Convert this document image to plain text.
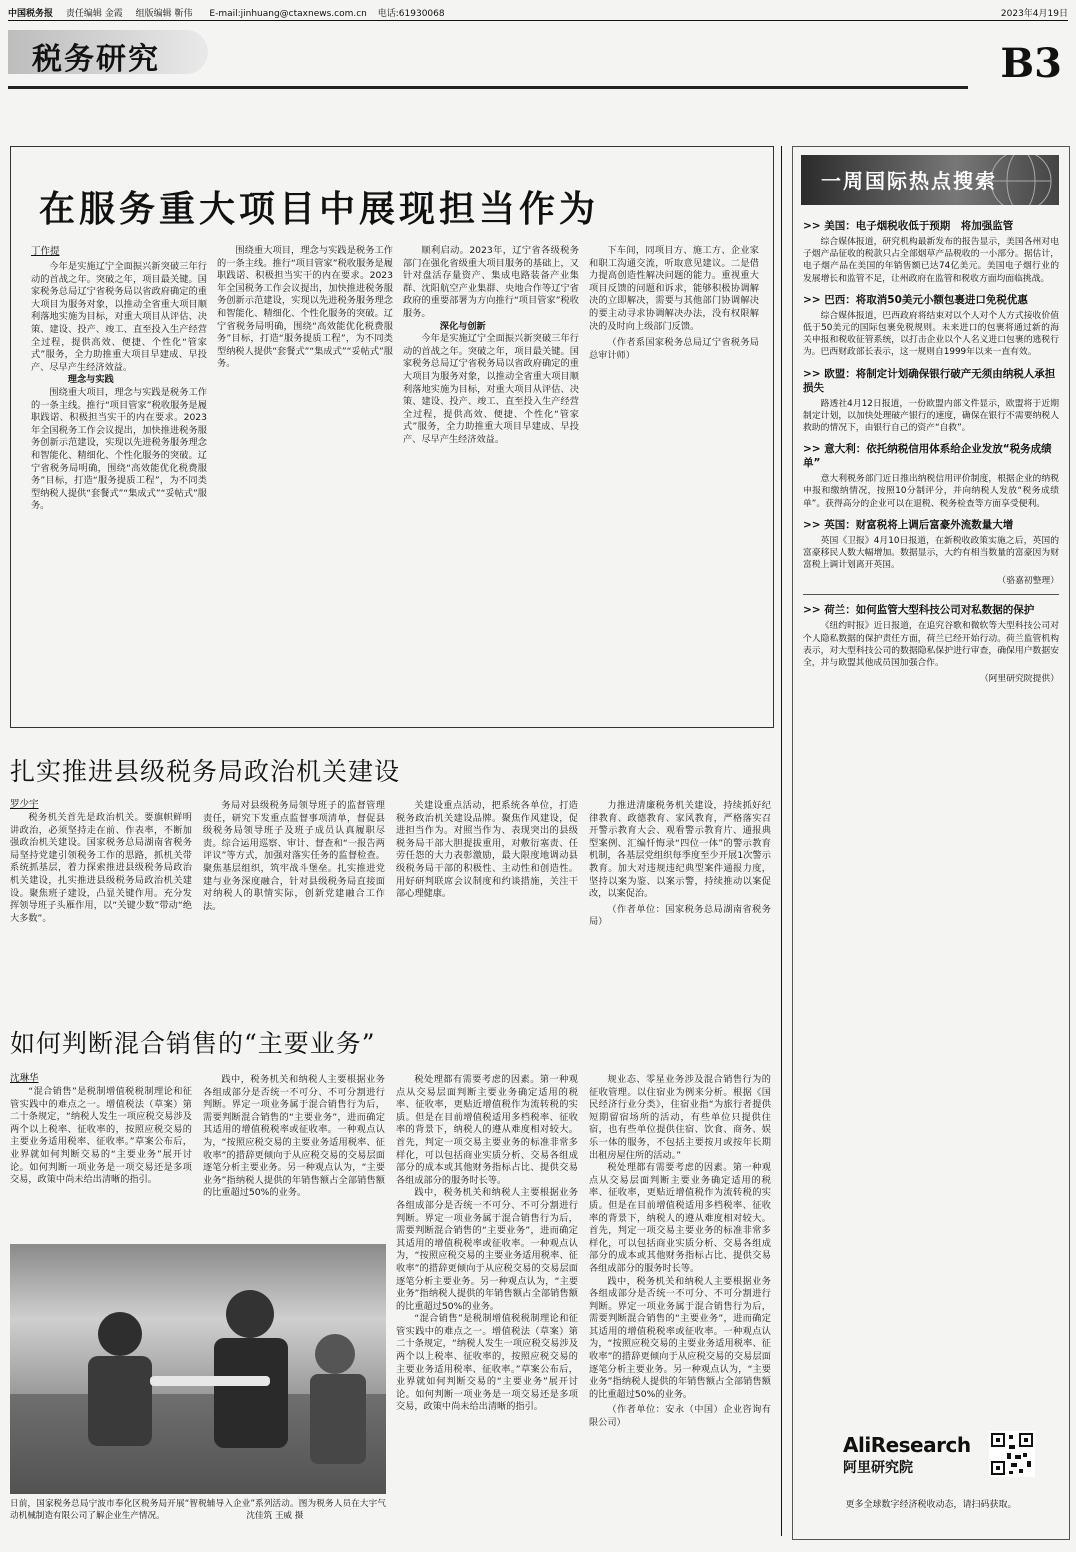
中国税务报 责任编辑 金霞 组版编辑 靳伟 E-mail:jinhuang@ctaxnews.com.cn 电话:61930068	2023年4月19日
税务研究	B3
在服务重大项目中展现担当作为
丁作提

今年是实施辽宁全面振兴新突破三年行动的首战之年。突破之年，项目最关键。国家税务总局辽宁省税务局以省政府确定的重大项目为服务对象，以推动全省重大项目顺利落地实施为目标，对重大项目从评估、决策、建设、投产、竣工、直至投入生产经营全过程，提供高效、便捷、个性化“管家式”服务，全力助推重大项目早建成、早投产、尽早产生经济效益。

理念与实践

围绕重大项目，理念与实践是税务工作的一条主线。推行“项目管家”税收服务是履职践诺、积极担当实干的内在要求。2023年全国税务工作会议提出，加快推进税务服务创新示范建设，实现以先进税务服务理念和智能化、精细化、个性化服务的突破。辽宁省税务局明确，围绕“高效能优化税费服务”目标，打造“服务提质工程”，为不同类型纳税人提供“套餐式”“集成式”“妥帖式”服务。

围绕重大项目，理念与实践是税务工作的一条主线。推行“项目管家”税收服务是履职践诺、积极担当实干的内在要求。2023年全国税务工作会议提出，加快推进税务服务创新示范建设，实现以先进税务服务理念和智能化、精细化、个性化服务的突破。辽宁省税务局明确，围绕“高效能优化税费服务”目标，打造“服务提质工程”，为不同类型纳税人提供“套餐式”“集成式”“妥帖式”服务。

顺利启动。2023年，辽宁省各级税务部门在强化省级重大项目服务的基础上，又针对盘活存量资产、集成电路装备产业集群、沈阳航空产业集群、央地合作等辽宁省政府的重要部署为方向推行“项目管家”税收服务。

深化与创新

今年是实施辽宁全面振兴新突破三年行动的首战之年。突破之年，项目最关键。国家税务总局辽宁省税务局以省政府确定的重大项目为服务对象，以推动全省重大项目顺利落地实施为目标，对重大项目从评估、决策、建设、投产、竣工、直至投入生产经营全过程，提供高效、便捷、个性化“管家式”服务，全力助推重大项目早建成、早投产、尽早产生经济效益。

下车间，同项目方、施工方、企业家和职工沟通交流，听取意见建议。二是借力提高创造性解决问题的能力。重视重大项目反馈的问题和诉求，能够积极协调解决的立即解决，需要与其他部门协调解决的要主动寻求协调解决办法，没有权限解决的及时向上级部门反馈。

（作者系国家税务总局辽宁省税务局总审计师）

扎实推进县级税务局政治机关建设
罗少宇

税务机关首先是政治机关。要旗帜鲜明讲政治，必须坚持走在前、作表率，不断加强政治机关建设。国家税务总局湖南省税务局坚持党建引领税务工作的思路，抓机关带系统抓基层，着力探索推进县级税务局政治机关建设，扎实推进县级税务局政治机关建设。聚焦班子建设，凸显关键作用。充分发挥领导班子头雁作用，以“关键少数”带动“绝大多数”。

务局对县级税务局领导班子的监督管理责任，研究下发重点监督事项清单，督促县级税务局领导班子及班子成员认真履职尽责。综合运用巡察、审计、督查和“一报告两评议”等方式，加强对落实任务的监督检查。聚焦基层组织，筑牢战斗堡垒。扎实推进党建与业务深度融合，针对县级税务局直接面对纳税人的职情实际，创新党建融合工作法。

关建设重点活动，把系统各单位，打造税务政治机关建设品牌。聚焦作风建设，促进担当作为。对照当作为、表现突出的县级税务局干部大胆提拔重用，对敷衍塞责、任劳任怨的大力表彰激励，最大限度地调动县级税务局干部的积极性、主动性和创造性。用好研判联席会议制度和约谈措施，关注干部心理健康。

力推进清廉税务机关建设，持续抓好纪律教育、政德教育、家风教育，严格落实召开警示教育大会、观看警示教育片、通报典型案例、汇编忏悔录“四位一体”的警示教育机制，各基层党组织每季度至少开展1次警示教育。加大对违规违纪典型案件通报力度，坚持以案为鉴、以案示警，持续推动以案促改，以案促治。

（作者单位：国家税务总局湖南省税务局）

如何判断混合销售的“主要业务”
沈琳华

“混合销售”是税制增值税税制理论和征管实践中的难点之一。增值税法（草案）第二十条规定，“纳税人发生一项应税交易涉及两个以上税率、征收率的，按照应税交易的主要业务适用税率、征收率。”草案公布后，业界就如何判断交易的“主要业务”展开讨论。如何判断一项业务是一项交易还是多项交易，政策中尚未给出清晰的指引。

践中，税务机关和纳税人主要根据业务各组成部分是否统一不可分、不可分割进行判断。界定一项业务属于混合销售行为后，需要判断混合销售的“主要业务”，进而确定其适用的增值税税率或征收率。一种观点认为，“按照应税交易的主要业务适用税率、征收率”的措辞更倾向于从应税交易的交易层面逐笔分析主要业务。另一种观点认为，“主要业务”指纳税人提供的年销售额占全部销售额的比重超过50%的业务。

税处理都有需要考虑的因素。第一种观点从交易层面判断主要业务确定适用的税率、征收率，更贴近增值税作为流转税的实质。但是在目前增值税适用多档税率、征收率的背景下，纳税人的遵从难度相对较大。首先，判定一项交易主要业务的标准非常多样化，可以包括商业实质分析、交易各组成部分的成本或其他财务指标占比、提供交易各组成部分的服务时长等。

践中，税务机关和纳税人主要根据业务各组成部分是否统一不可分、不可分割进行判断。界定一项业务属于混合销售行为后，需要判断混合销售的“主要业务”，进而确定其适用的增值税税率或征收率。一种观点认为，“按照应税交易的主要业务适用税率、征收率”的措辞更倾向于从应税交易的交易层面逐笔分析主要业务。另一种观点认为，“主要业务”指纳税人提供的年销售额占全部销售额的比重超过50%的业务。

“混合销售”是税制增值税税制理论和征管实践中的难点之一。增值税法（草案）第二十条规定，“纳税人发生一项应税交易涉及两个以上税率、征收率的，按照应税交易的主要业务适用税率、征收率。”草案公布后，业界就如何判断交易的“主要业务”展开讨论。如何判断一项业务是一项交易还是多项交易，政策中尚未给出清晰的指引。

规业态、零星业务涉及混合销售行为的征收管理。以住宿业为例来分析。根据《国民经济行业分类》，住宿业指“为旅行者提供短期留宿场所的活动，有些单位只提供住宿，也有些单位提供住宿、饮食、商务、娱乐一体的服务，不包括主要按月或按年长期出租房屋住所的活动。”

税处理都有需要考虑的因素。第一种观点从交易层面判断主要业务确定适用的税率、征收率，更贴近增值税作为流转税的实质。但是在目前增值税适用多档税率、征收率的背景下，纳税人的遵从难度相对较大。首先，判定一项交易主要业务的标准非常多样化，可以包括商业实质分析、交易各组成部分的成本或其他财务指标占比、提供交易各组成部分的服务时长等。

践中，税务机关和纳税人主要根据业务各组成部分是否统一不可分、不可分割进行判断。界定一项业务属于混合销售行为后，需要判断混合销售的“主要业务”，进而确定其适用的增值税税率或征收率。一种观点认为，“按照应税交易的主要业务适用税率、征收率”的措辞更倾向于从应税交易的交易层面逐笔分析主要业务。另一种观点认为，“主要业务”指纳税人提供的年销售额占全部销售额的比重超过50%的业务。

（作者单位：安永（中国）企业咨询有限公司）

日前，国家税务总局宁波市奉化区税务局开展“智税辅导入企业”系列活动。图为税务人员在大宇气动机械制造有限公司了解企业生产情况。　　　　　　　　　　沈佳筑 王威 摄
一周国际热点搜索

>> 美国：电子烟税收低于预期　将加强监管

综合媒体报道，研究机构最新发布的报告显示，美国各州对电子烟产品征收的税款只占全部烟草产品税收的一小部分。据估计，电子烟产品在美国的年销售额已达74亿美元。美国电子烟行业的发展增长和监管不足，让州政府在监管和税收方面均面临挑战。

>> 巴西：将取消50美元小额包裹进口免税优惠

综合媒体报道，巴西政府将结束对以个人对个人方式接收价值低于50美元的国际包裹免税规则。未来进口的包裹将通过新的海关申报和税收征管系统，以打击企业以个人名义进口包裹的逃税行为。巴西财政部长表示，这一规则自1999年以来一直有效。

>> 欧盟：将制定计划确保银行破产无须由纳税人承担损失

路透社4月12日报道，一份欧盟内部文件显示，欧盟将于近期制定计划，以加快处理破产银行的速度，确保在银行不需要纳税人救助的情况下，由银行自己的资产“自救”。

>> 意大利：依托纳税信用体系给企业发放“税务成绩单”

意大利税务部门近日推出纳税信用评价制度，根据企业的纳税申报和缴纳情况，按照10分制评分，并向纳税人发放“税务成绩单”。获得高分的企业可以在退税、税务检查等方面享受便利。

>> 英国：财富税将上调后富豪外流数量大增

英国《卫报》4月10日报道，在新税收政策实施之后，英国的富豪移民人数大幅增加。数据显示，大约有相当数量的富豪因为财富税上调计划离开英国。

（骆嘉初整理）

>> 荷兰：如何监管大型科技公司对私数据的保护

《纽约时报》近日报道，在追究谷歌和微软等大型科技公司对个人隐私数据的保护责任方面，荷兰已经开始行动。荷兰监管机构表示，对大型科技公司的数据隐私保护进行审查，确保用户数据安全，并与欧盟其他成员国加强合作。

（阿里研究院提供）

AliResearch
阿里研究院
更多全球数字经济税收动态，请扫码获取。
